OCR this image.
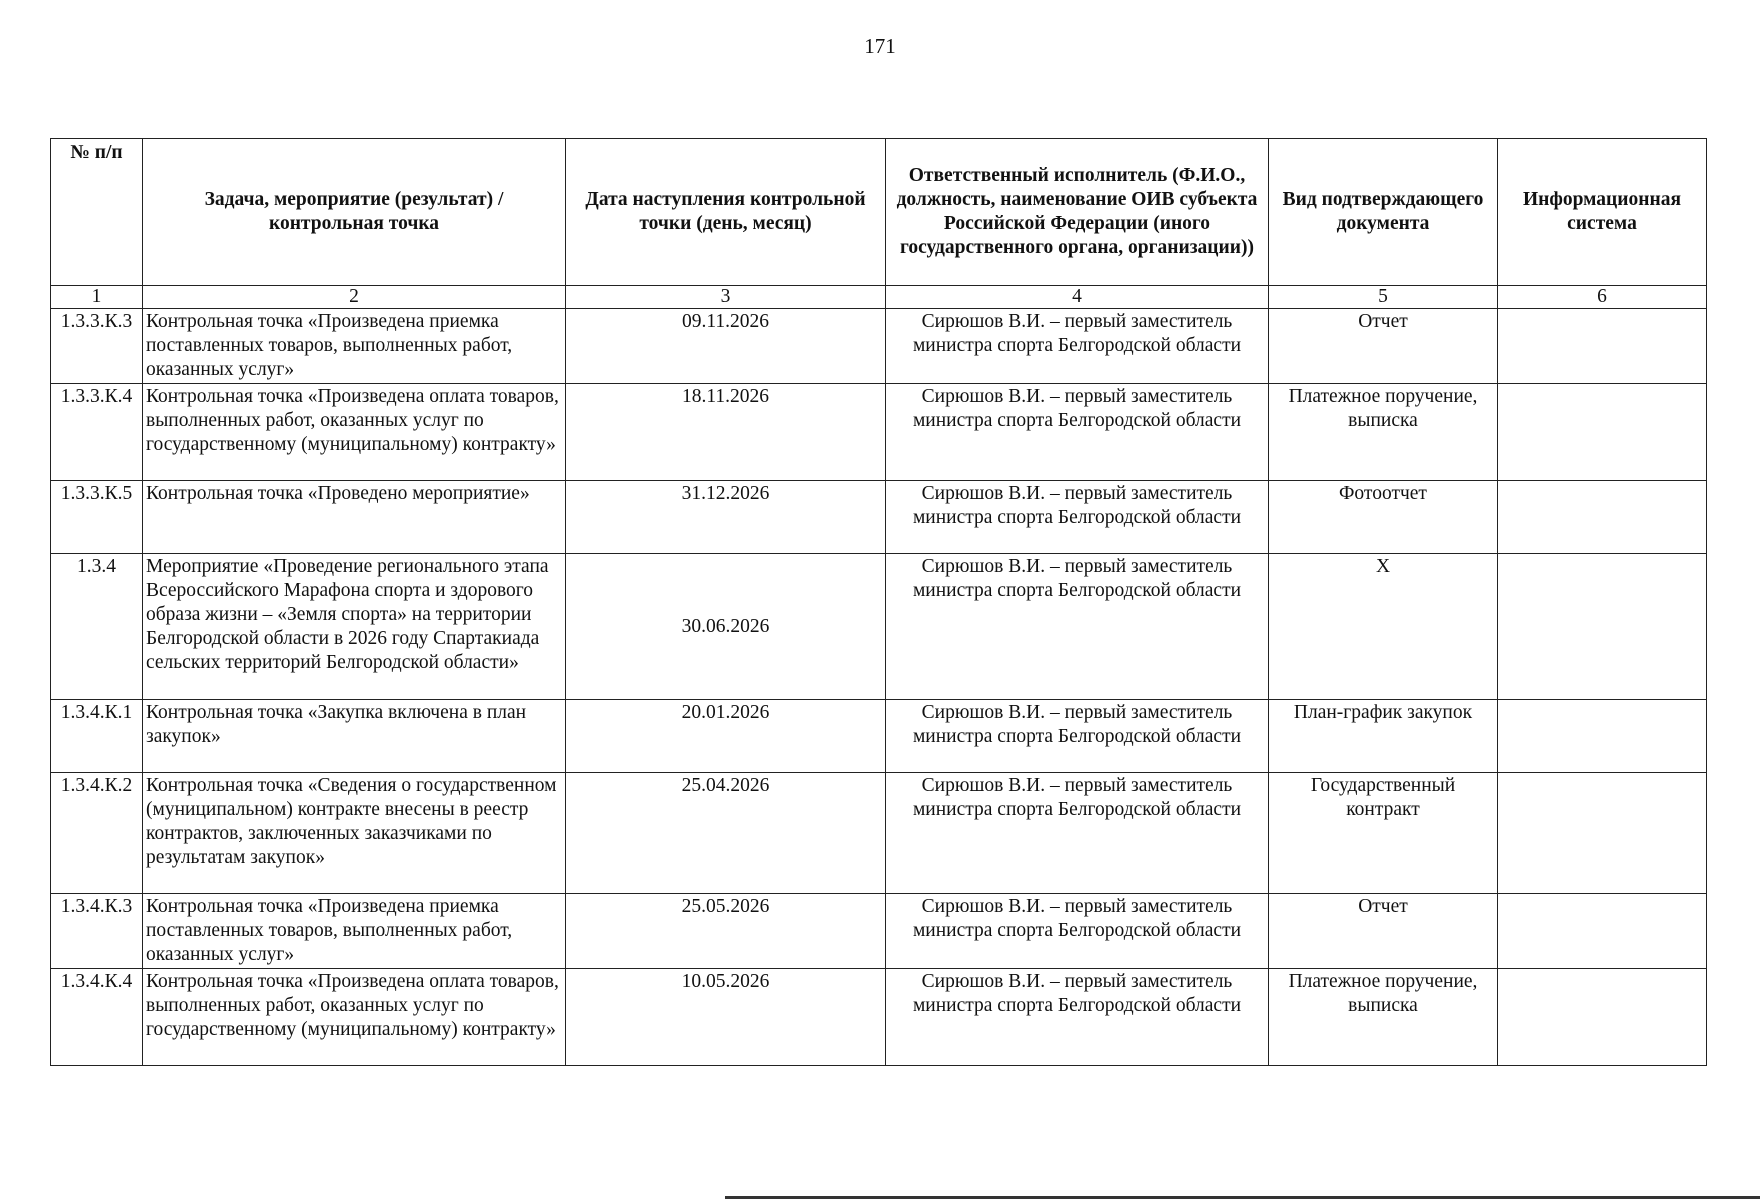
171
№ п/п	Задача, мероприятие (результат) / контрольная точка	Дата наступления контрольной точки (день, месяц)	Ответственный исполнитель (Ф.И.О., должность, наименование ОИВ субъекта Российской Федерации (иного государственного органа, организации))	Вид подтверждающего документа	Информационная система
1	2	3	4	5	6
1.3.3.К.3	Контрольная точка «Произведена приемка поставленных товаров, выполненных работ, оказанных услуг»	09.11.2026	Сирюшов В.И. – первый заместитель министра спорта Белгородской области	Отчет	
1.3.3.К.4	Контрольная точка «Произведена оплата товаров, выполненных работ, оказанных услуг по государственному (муниципальному) контракту»	18.11.2026	Сирюшов В.И. – первый заместитель министра спорта Белгородской области	Платежное поручение, выписка	
1.3.3.К.5	Контрольная точка «Проведено мероприятие»	31.12.2026	Сирюшов В.И. – первый заместитель министра спорта Белгородской области	Фотоотчет	
1.3.4	Мероприятие «Проведение регионального этапа Всероссийского Марафона спорта и здорового образа жизни – «Земля спорта» на территории Белгородской области в 2026 году Спартакиада сельских территорий Белгородской области»	30.06.2026	Сирюшов В.И. – первый заместитель министра спорта Белгородской области	X	
1.3.4.К.1	Контрольная точка «Закупка включена в план закупок»	20.01.2026	Сирюшов В.И. – первый заместитель министра спорта Белгородской области	План-график закупок	
1.3.4.К.2	Контрольная точка «Сведения о государственном (муниципальном) контракте внесены в реестр контрактов, заключенных заказчиками по результатам закупок»	25.04.2026	Сирюшов В.И. – первый заместитель министра спорта Белгородской области	Государственный контракт	
1.3.4.К.3	Контрольная точка «Произведена приемка поставленных товаров, выполненных работ, оказанных услуг»	25.05.2026	Сирюшов В.И. – первый заместитель министра спорта Белгородской области	Отчет	
1.3.4.К.4	Контрольная точка «Произведена оплата товаров, выполненных работ, оказанных услуг по государственному (муниципальному) контракту»	10.05.2026	Сирюшов В.И. – первый заместитель министра спорта Белгородской области	Платежное поручение, выписка	
